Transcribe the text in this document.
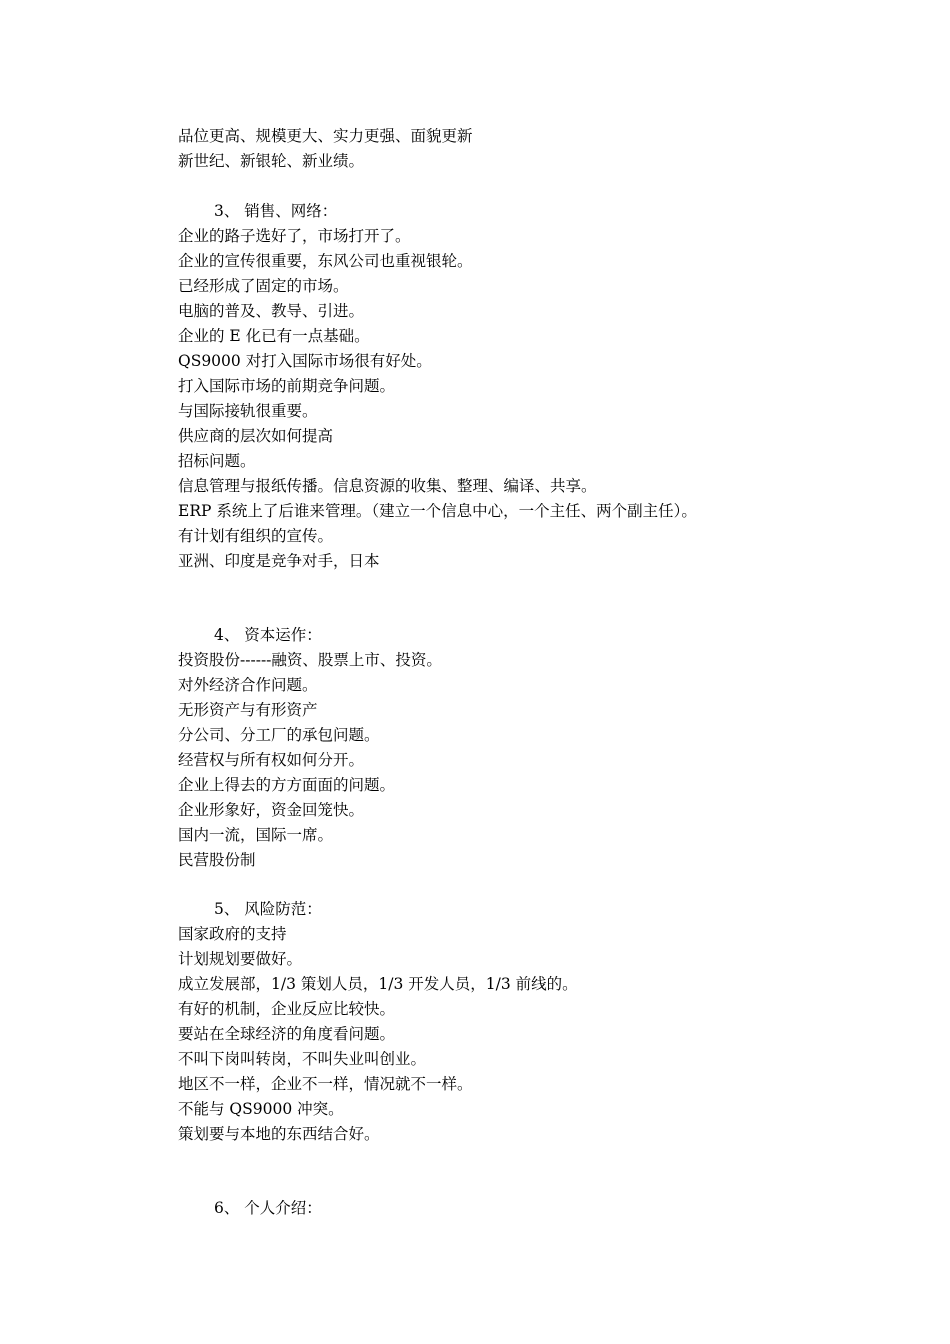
品位更高、规模更大、实力更强、面貌更新
新世纪、新银轮、新业绩。
3、 销售、网络：
企业的路子选好了，市场打开了。
企业的宣传很重要，东风公司也重视银轮。
已经形成了固定的市场。
电脑的普及、教导、引进。
企业的 E 化已有一点基础。
QS9000 对打入国际市场很有好处。
打入国际市场的前期竞争问题。
与国际接轨很重要。
供应商的层次如何提高
招标问题。
信息管理与报纸传播。信息资源的收集、整理、编译、共享。
ERP 系统上了后谁来管理。（建立一个信息中心，一个主任、两个副主任）。
有计划有组织的宣传。
亚洲、印度是竞争对手，日本
4、 资本运作：
投资股份------融资、股票上市、投资。
对外经济合作问题。
无形资产与有形资产
分公司、分工厂的承包问题。
经营权与所有权如何分开。
企业上得去的方方面面的问题。
企业形象好，资金回笼快。
国内一流，国际一席。
民营股份制
5、 风险防范：
国家政府的支持
计划规划要做好。
成立发展部，1/3 策划人员，1/3 开发人员，1/3 前线的。
有好的机制，企业反应比较快。
要站在全球经济的角度看问题。
不叫下岗叫转岗，不叫失业叫创业。
地区不一样，企业不一样，情况就不一样。
不能与 QS9000 冲突。
策划要与本地的东西结合好。
6、 个人介绍：
